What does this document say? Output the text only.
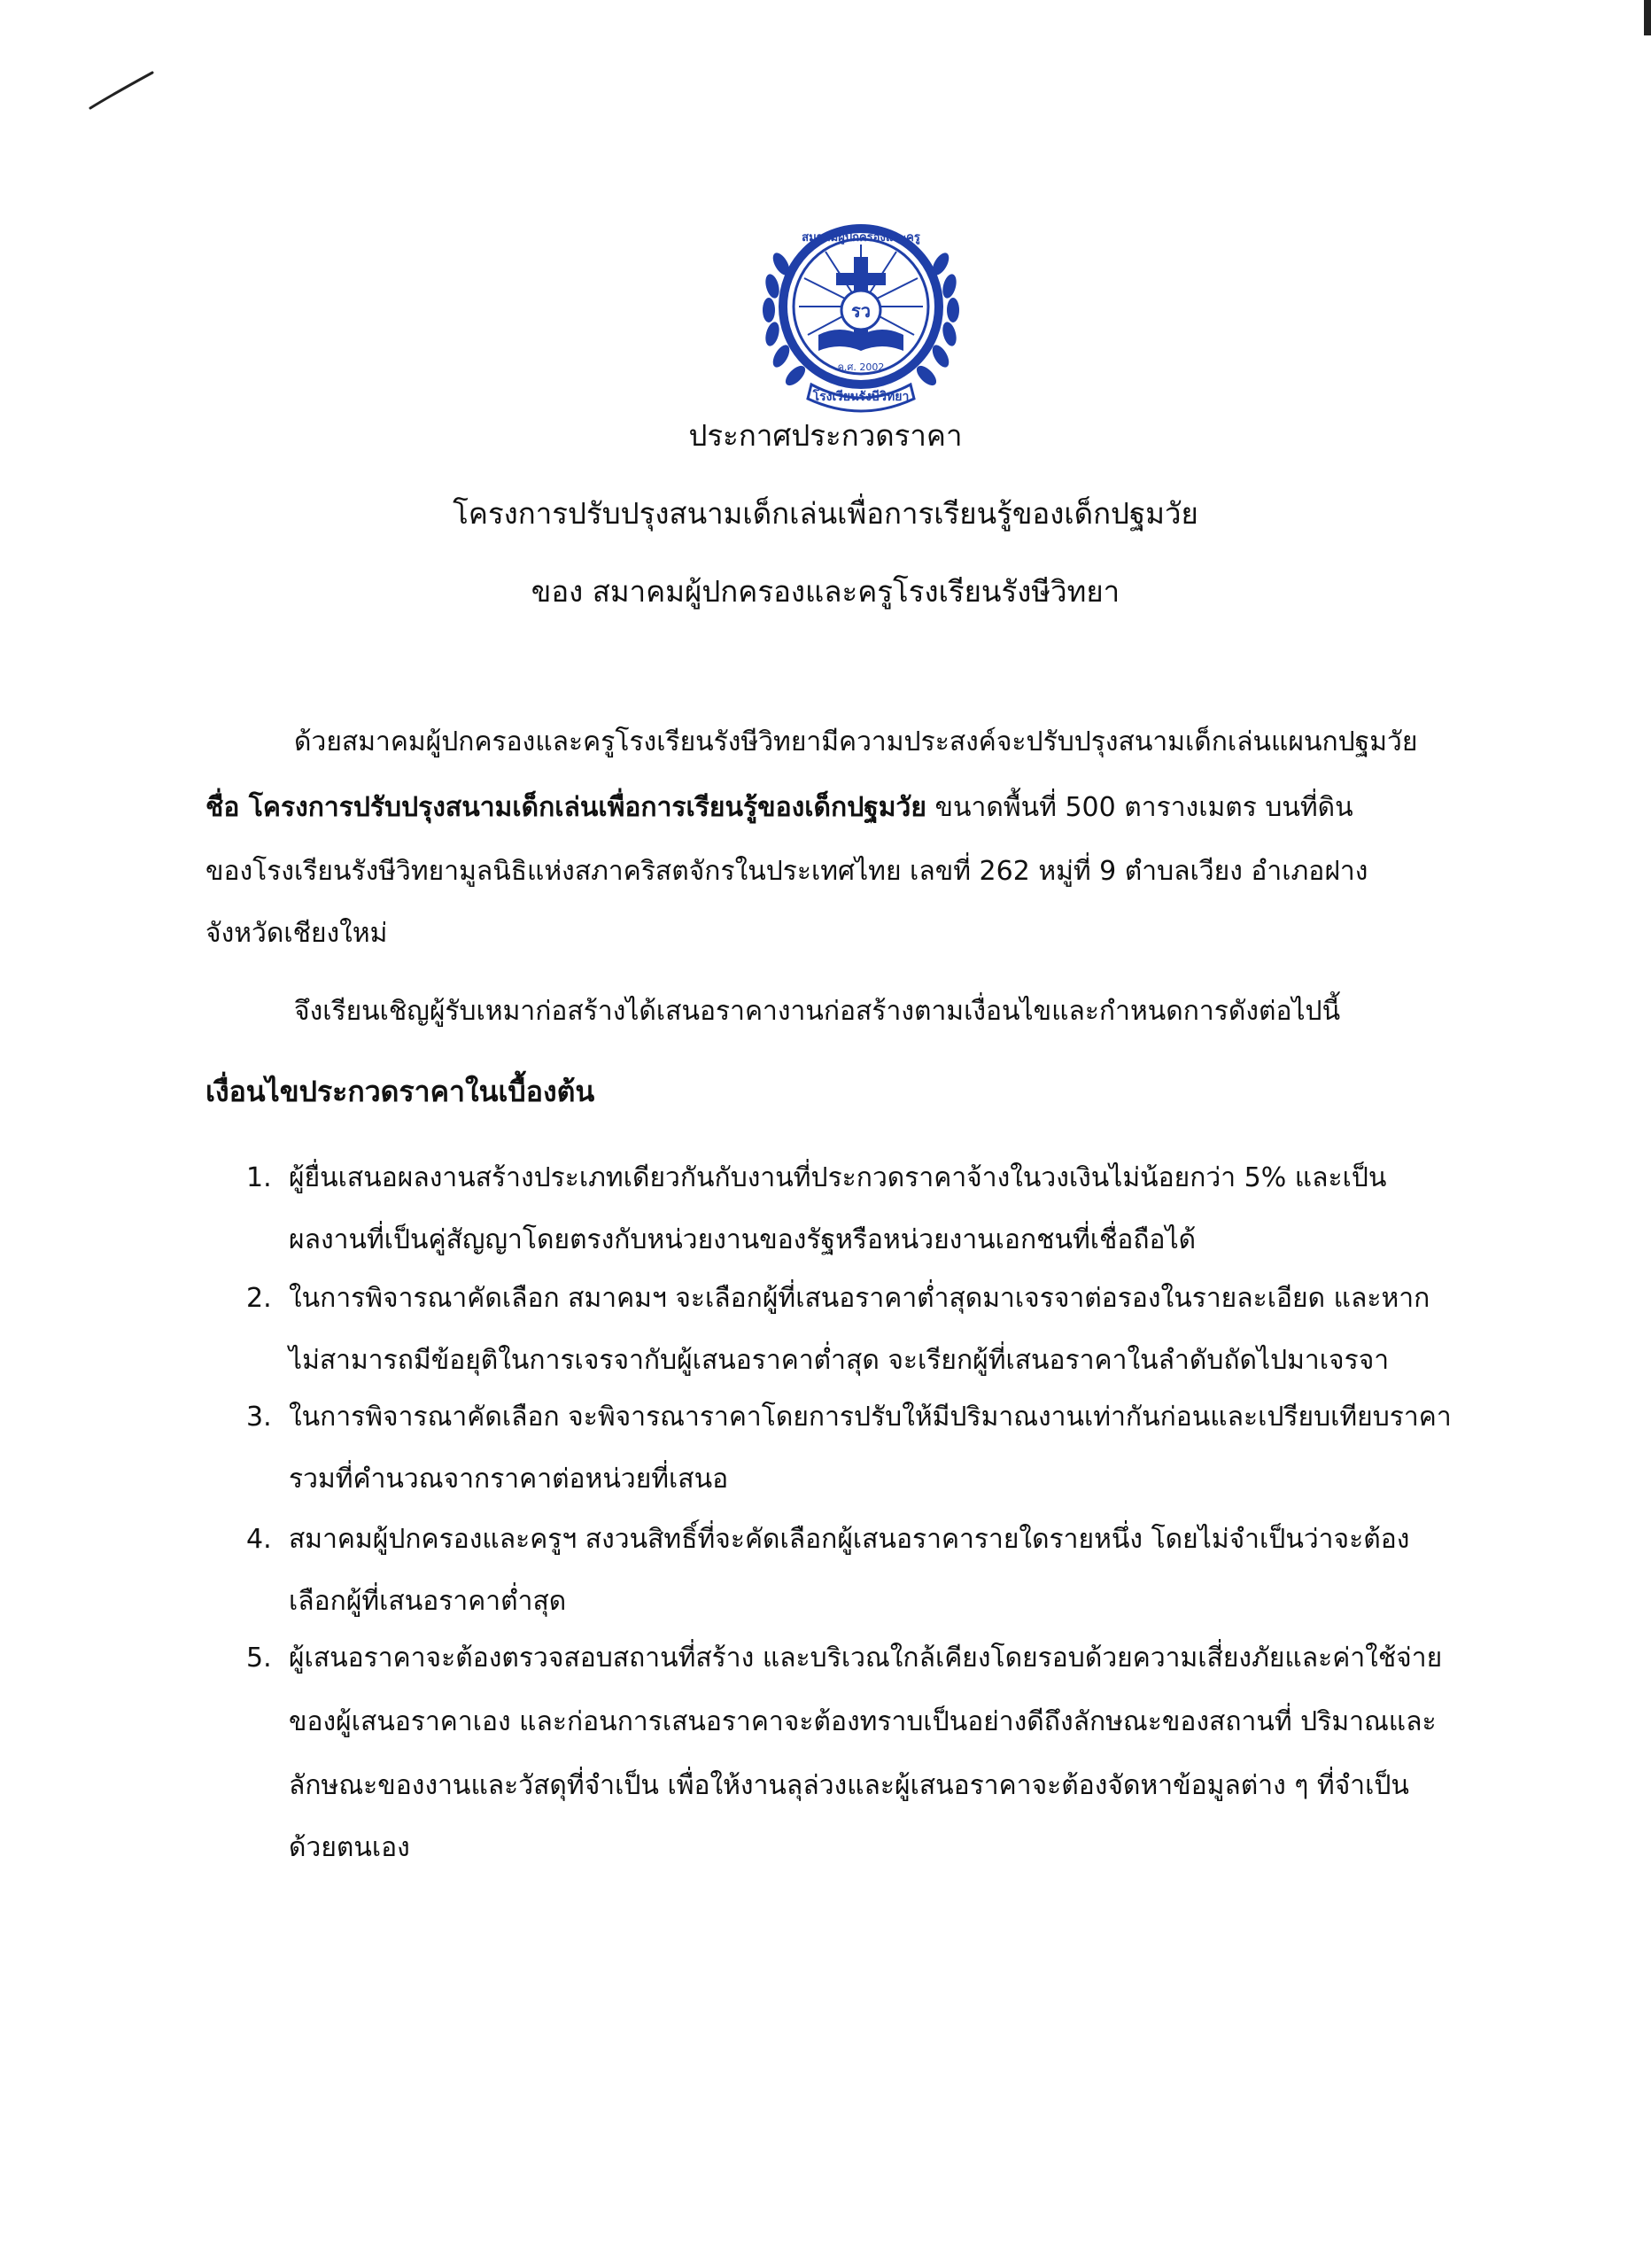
รว
ค.ศ. 2002
โรงเรียนรังษีวิทยา
สมาคมผู้ปกครองและครู
ประกาศประกวดราคา
โครงการปรับปรุงสนามเด็กเล่นเพื่อการเรียนรู้ของเด็กปฐมวัย
ของ สมาคมผู้ปกครองและครูโรงเรียนรังษีวิทยา
ด้วยสมาคมผู้ปกครองและครูโรงเรียนรังษีวิทยามีความประสงค์จะปรับปรุงสนามเด็กเล่นแผนกปฐมวัย
ชื่อ โครงการปรับปรุงสนามเด็กเล่นเพื่อการเรียนรู้ของเด็กปฐมวัย ขนาดพื้นที่ 500 ตารางเมตร บนที่ดิน
ของโรงเรียนรังษีวิทยามูลนิธิแห่งสภาคริสตจักรในประเทศไทย เลขที่ 262 หมู่ที่ 9 ตำบลเวียง อำเภอฝาง
จังหวัดเชียงใหม่
จึงเรียนเชิญผู้รับเหมาก่อสร้างได้เสนอราคางานก่อสร้างตามเงื่อนไขและกำหนดการดังต่อไปนี้
เงื่อนไขประกวดราคาในเบื้องต้น
1. ผู้ยื่นเสนอผลงานสร้างประเภทเดียวกันกับงานที่ประกวดราคาจ้างในวงเงินไม่น้อยกว่า 5% และเป็น
ผลงานที่เป็นคู่สัญญาโดยตรงกับหน่วยงานของรัฐหรือหน่วยงานเอกชนที่เชื่อถือได้
2. ในการพิจารณาคัดเลือก สมาคมฯ จะเลือกผู้ที่เสนอราคาต่ำสุดมาเจรจาต่อรองในรายละเอียด และหาก
ไม่สามารถมีข้อยุติในการเจรจากับผู้เสนอราคาต่ำสุด จะเรียกผู้ที่เสนอราคาในลำดับถัดไปมาเจรจา
3. ในการพิจารณาคัดเลือก จะพิจารณาราคาโดยการปรับให้มีปริมาณงานเท่ากันก่อนและเปรียบเทียบราคา
รวมที่คำนวณจากราคาต่อหน่วยที่เสนอ
4. สมาคมผู้ปกครองและครูฯ สงวนสิทธิ์ที่จะคัดเลือกผู้เสนอราคารายใดรายหนึ่ง โดยไม่จำเป็นว่าจะต้อง
เลือกผู้ที่เสนอราคาต่ำสุด
5. ผู้เสนอราคาจะต้องตรวจสอบสถานที่สร้าง และบริเวณใกล้เคียงโดยรอบด้วยความเสี่ยงภัยและค่าใช้จ่าย
ของผู้เสนอราคาเอง และก่อนการเสนอราคาจะต้องทราบเป็นอย่างดีถึงลักษณะของสถานที่ ปริมาณและ
ลักษณะของงานและวัสดุที่จำเป็น เพื่อให้งานลุล่วงและผู้เสนอราคาจะต้องจัดหาข้อมูลต่าง ๆ ที่จำเป็น
ด้วยตนเอง
